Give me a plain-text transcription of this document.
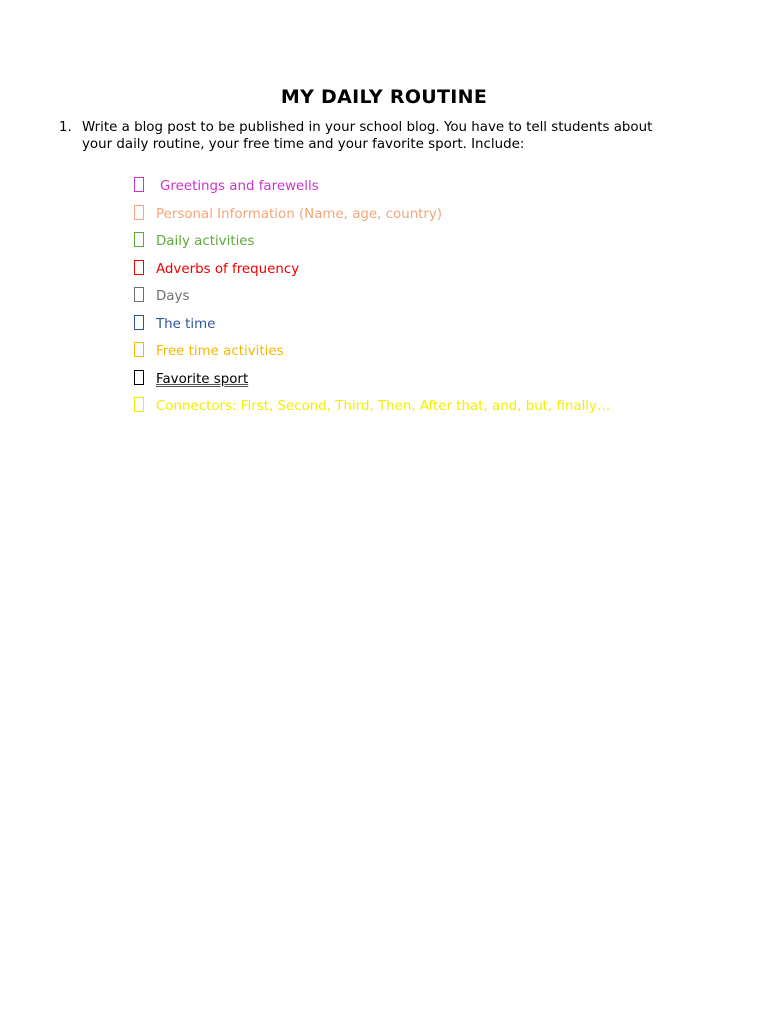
MY DAILY ROUTINE
1. Write a blog post to be published in your school blog. You have to tell students about your daily routine, your free time and your favorite sport. Include:
Greetings and farewells
Personal Information (Name, age, country)
Daily activities
Adverbs of frequency
Days
The time
Free time activities
Favorite sport
Connectors: First, Second, Third, Then, After that, and, but, finally…
